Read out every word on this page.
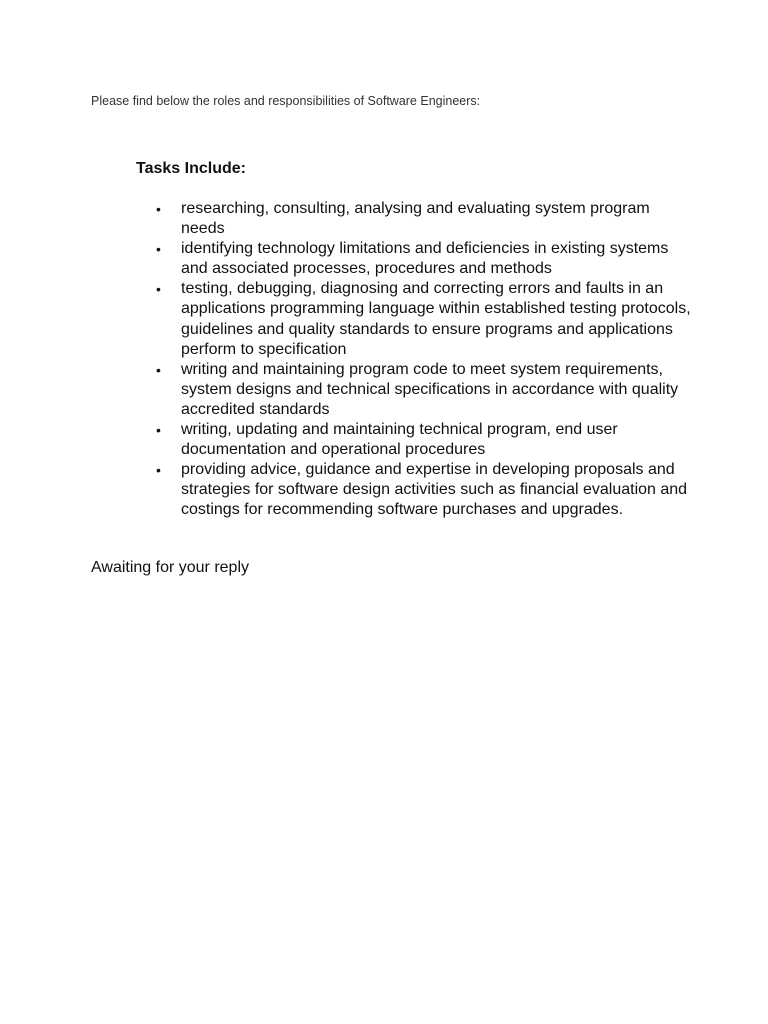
Please find below the roles and responsibilities of Software Engineers:

Tasks Include:

• researching, consulting, analysing and evaluating system program needs
• identifying technology limitations and deficiencies in existing systems and associated processes, procedures and methods
• testing, debugging, diagnosing and correcting errors and faults in an applications programming language within established testing protocols, guidelines and quality standards to ensure programs and applications perform to specification
• writing and maintaining program code to meet system requirements, system designs and technical specifications in accordance with quality accredited standards
• writing, updating and maintaining technical program, end user documentation and operational procedures
• providing advice, guidance and expertise in developing proposals and strategies for software design activities such as financial evaluation and costings for recommending software purchases and upgrades.

Awaiting for your reply
